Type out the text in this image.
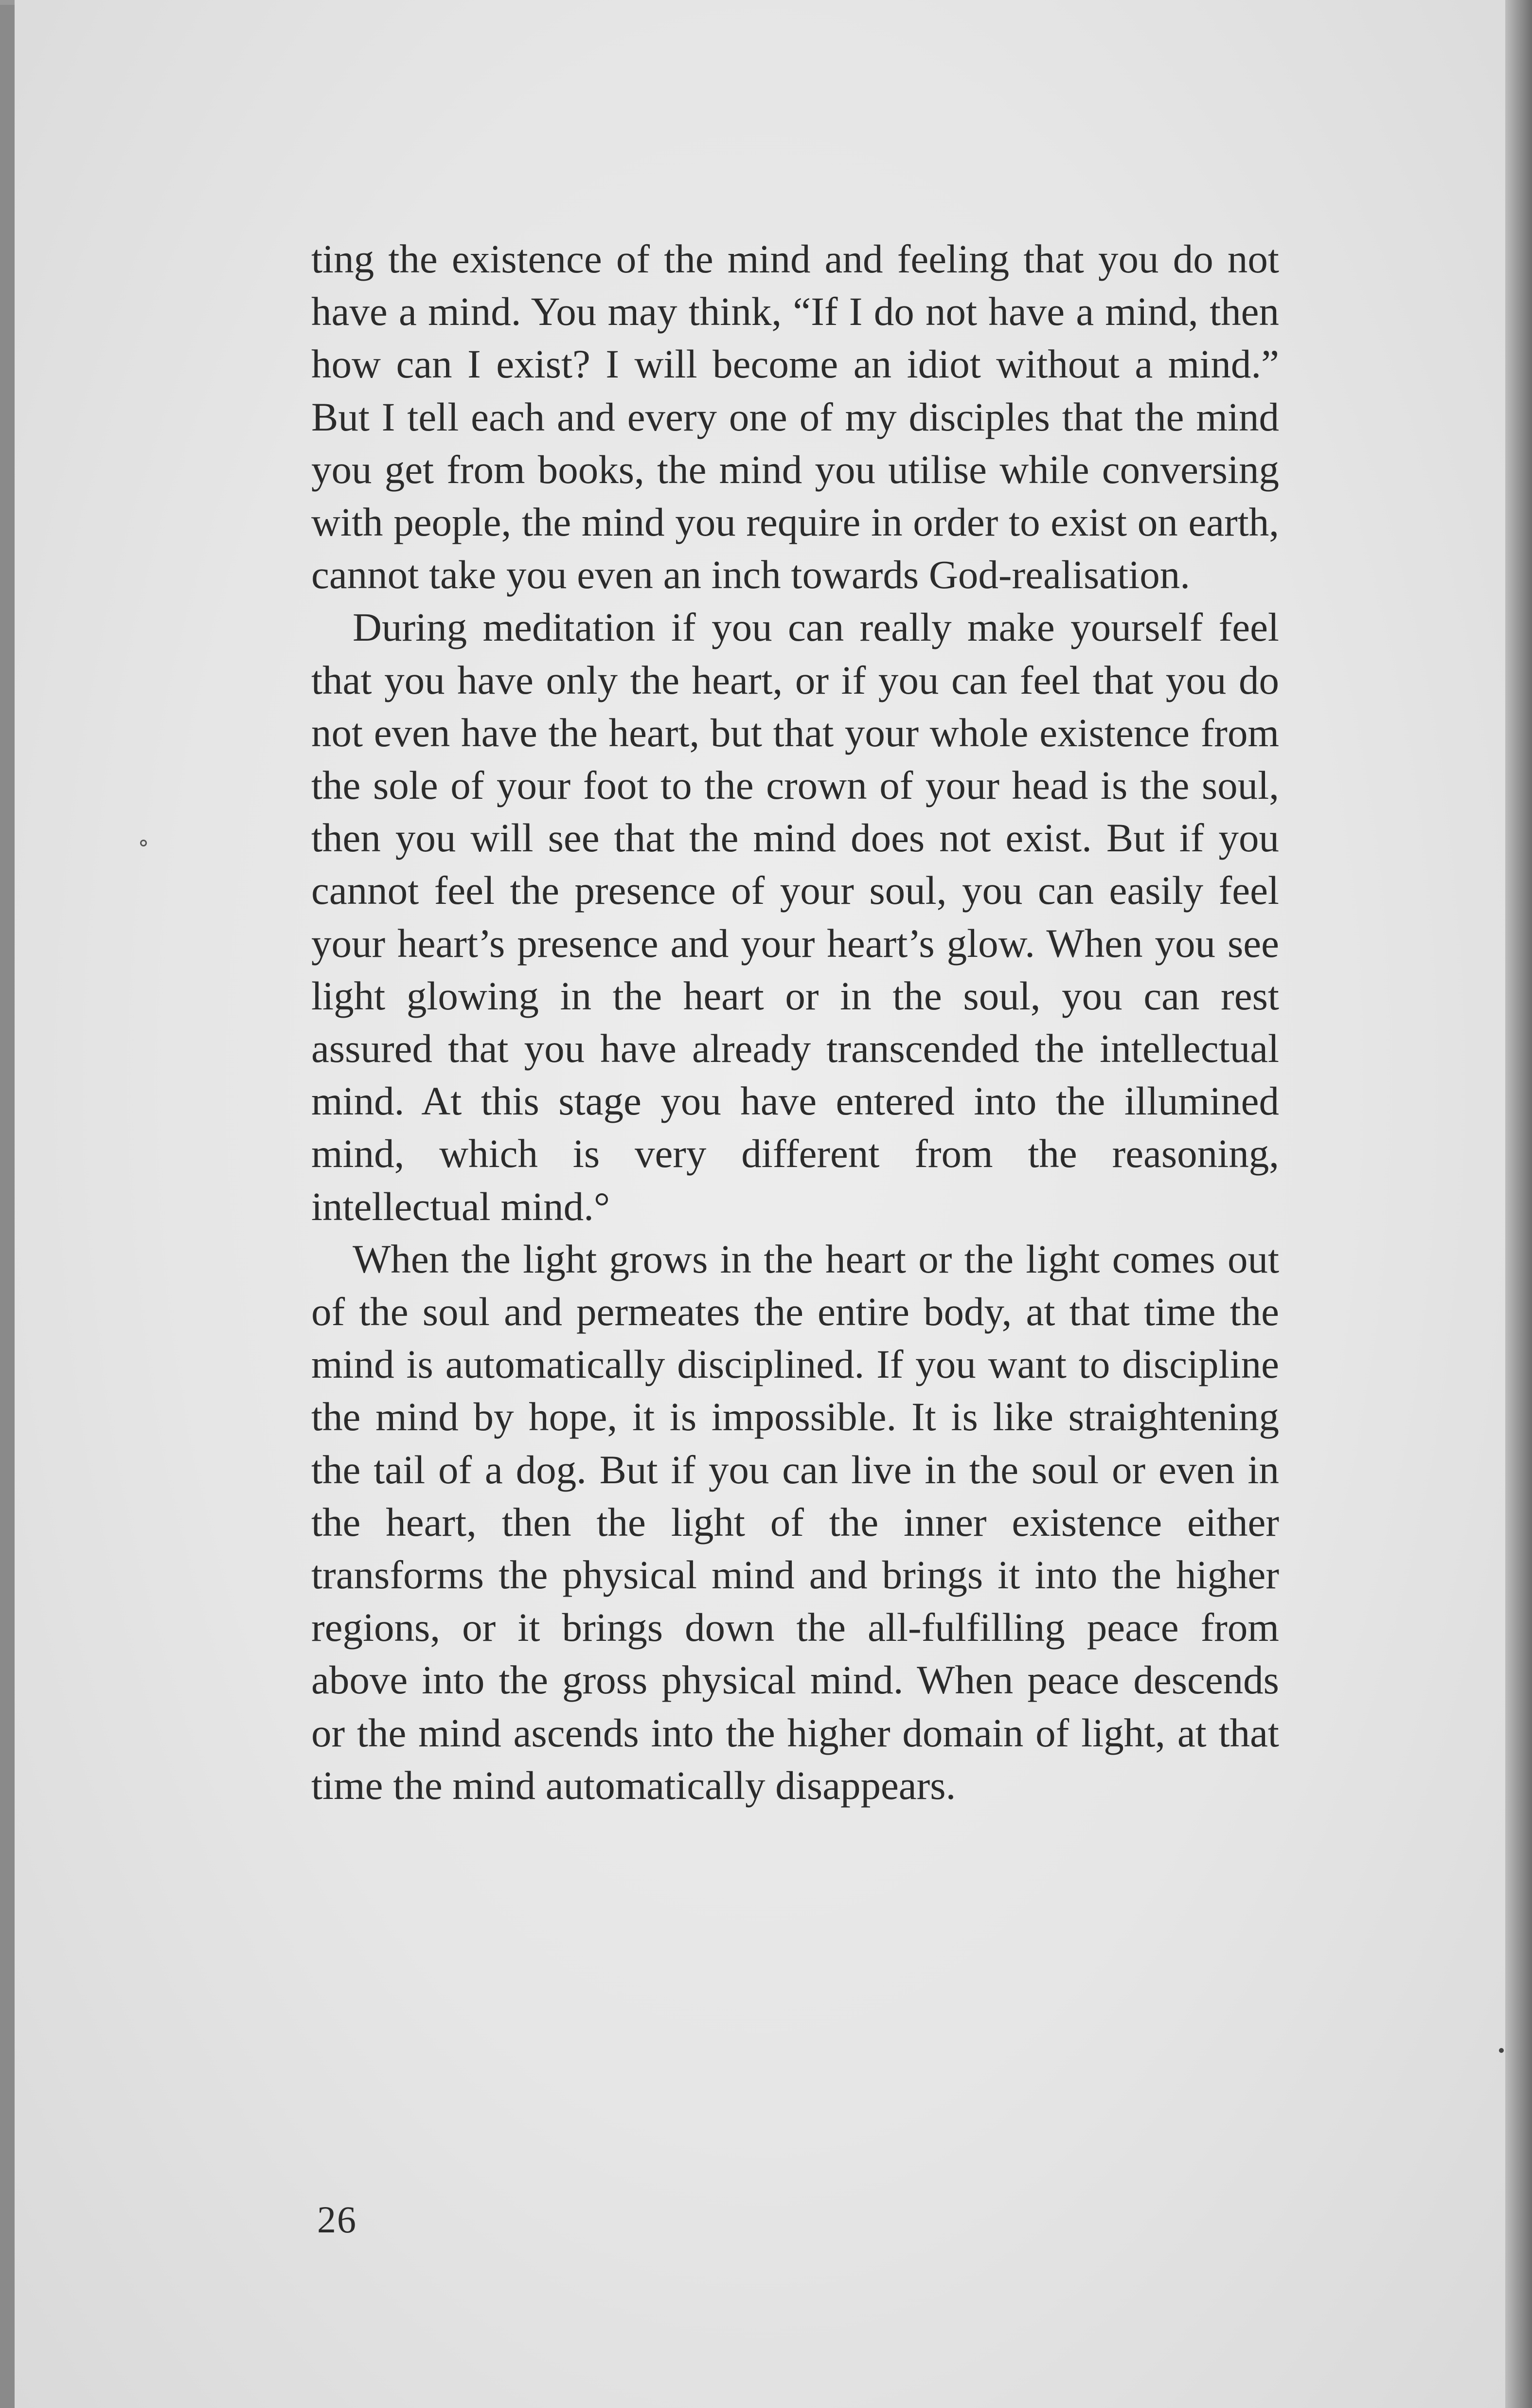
ting the existence of the mind and feeling that you do not have a mind. You may think, “If I do not have a mind, then how can I exist? I will become an idiot without a mind.” But I tell each and every one of my disciples that the mind you get from books, the mind you utilise while conversing with people, the mind you require in order to exist on earth, cannot take you even an inch towards God-realisation.

During meditation if you can really make yourself feel that you have only the heart, or if you can feel that you do not even have the heart, but that your whole existence from the sole of your foot to the crown of your head is the soul, then you will see that the mind does not exist. But if you cannot feel the presence of your soul, you can easily feel your heart’s presence and your heart’s glow. When you see light glowing in the heart or in the soul, you can rest assured that you have already transcended the intellectual mind. At this stage you have entered into the illumined mind, which is very different from the reasoning, intellectual mind.°

When the light grows in the heart or the light comes out of the soul and permeates the entire body, at that time the mind is automatically disciplined. If you want to discipline the mind by hope, it is impossible. It is like straightening the tail of a dog. But if you can live in the soul or even in the heart, then the light of the inner existence either transforms the physical mind and brings it into the higher regions, or it brings down the all-fulfilling peace from above into the gross physical mind. When peace descends or the mind ascends into the higher domain of light, at that time the mind automatically disappears.

26
